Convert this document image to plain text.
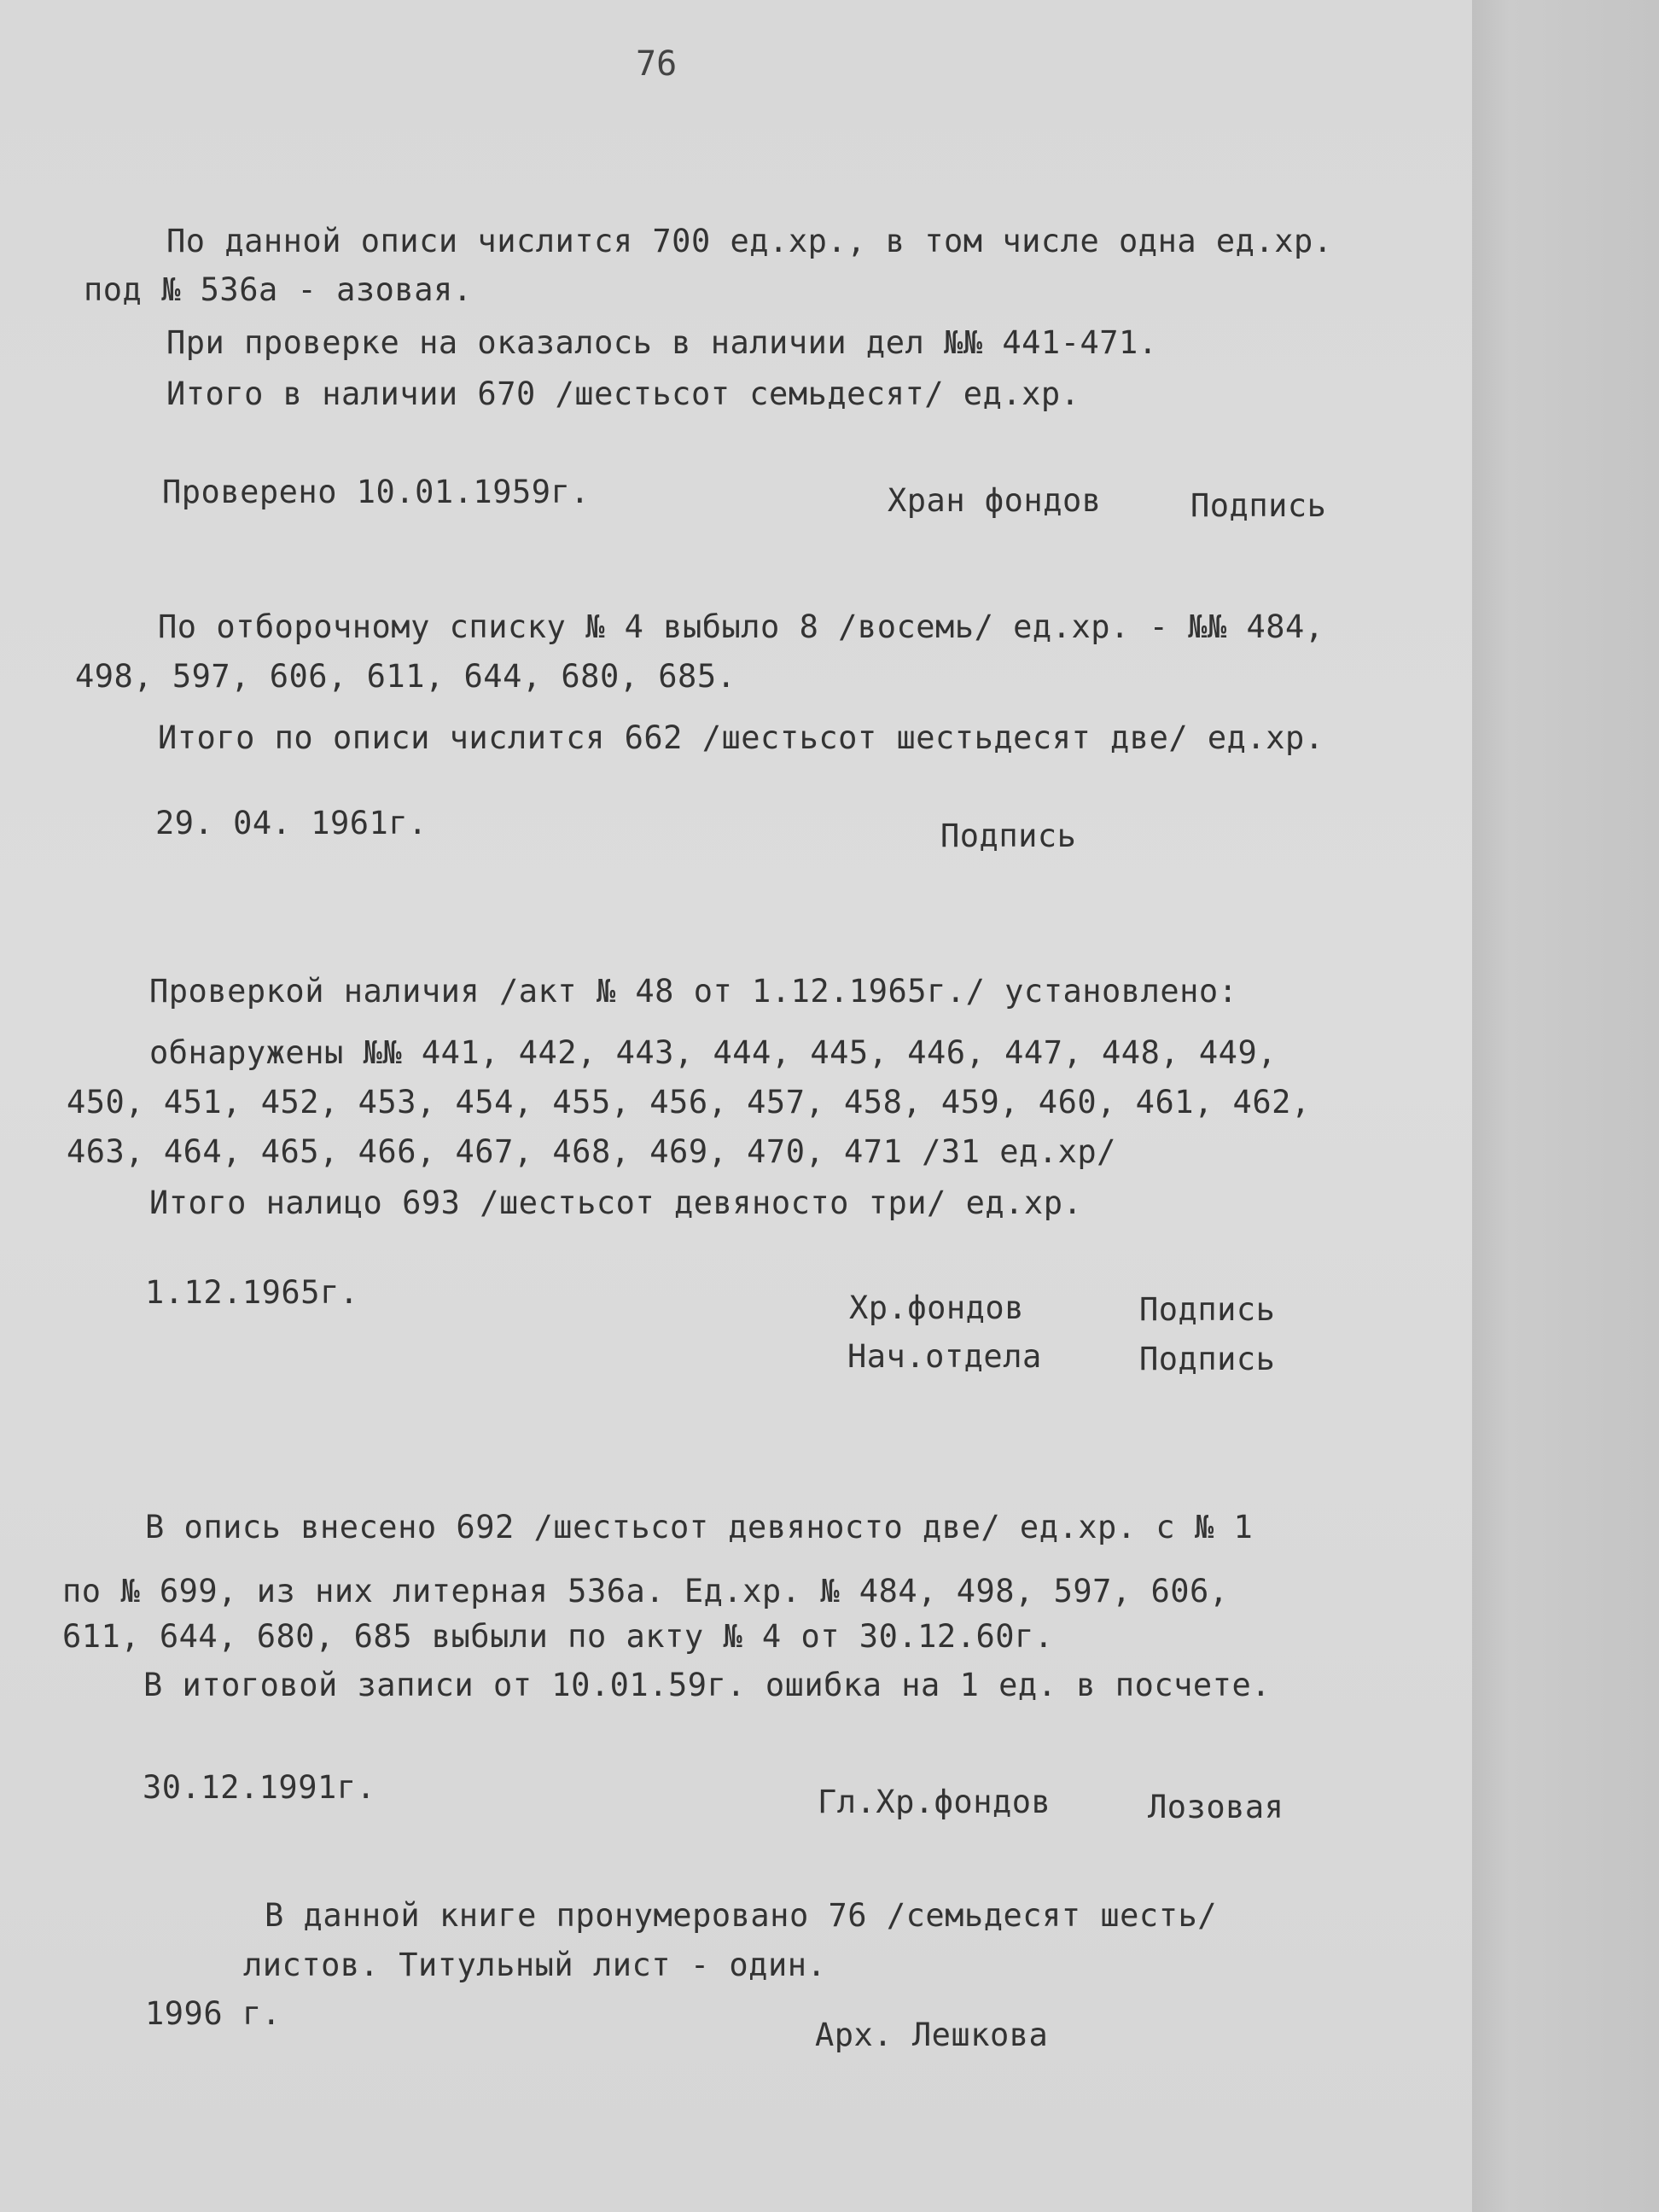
76
По данной описи числится 700 ед.хр., в том числе одна ед.хр.
под № 536а - азовая.
При проверке на оказалось в наличии дел №№ 441-471.
Итого в наличии 670 /шестьсот семьдесят/ ед.хр.
Проверено 10.01.1959г.	Хран фондов	Подпись
По отборочному списку № 4 выбыло 8 /восемь/ ед.хр. - №№ 484,
498, 597, 606, 611, 644, 680, 685.
Итого по описи числится 662 /шестьсот шестьдесят две/ ед.хр.
29. 04. 1961г.	Подпись
Проверкой наличия /акт № 48 от 1.12.1965г./ установлено:
обнаружены №№ 441, 442, 443, 444, 445, 446, 447, 448, 449,
450, 451, 452, 453, 454, 455, 456, 457, 458, 459, 460, 461, 462,
463, 464, 465, 466, 467, 468, 469, 470, 471 /31 ед.хр/
Итого налицо 693 /шестьсот девяносто три/ ед.хр.
1.12.1965г.	Хр.фондов	Подпись
Нач.отдела	Подпись
В опись внесено 692 /шестьсот девяносто две/ ед.хр. с № 1
по № 699, из них литерная 536а. Ед.хр. № 484, 498, 597, 606,
611, 644, 680, 685 выбыли по акту № 4 от 30.12.60г.
В итоговой записи от 10.01.59г. ошибка на 1 ед. в посчете.
30.12.1991г.	Гл.Хр.фондов	Лозовая
В данной книге пронумеровано 76 /семьдесят шесть/
листов. Титульный лист - один.
1996 г.
Арх. Лешкова
